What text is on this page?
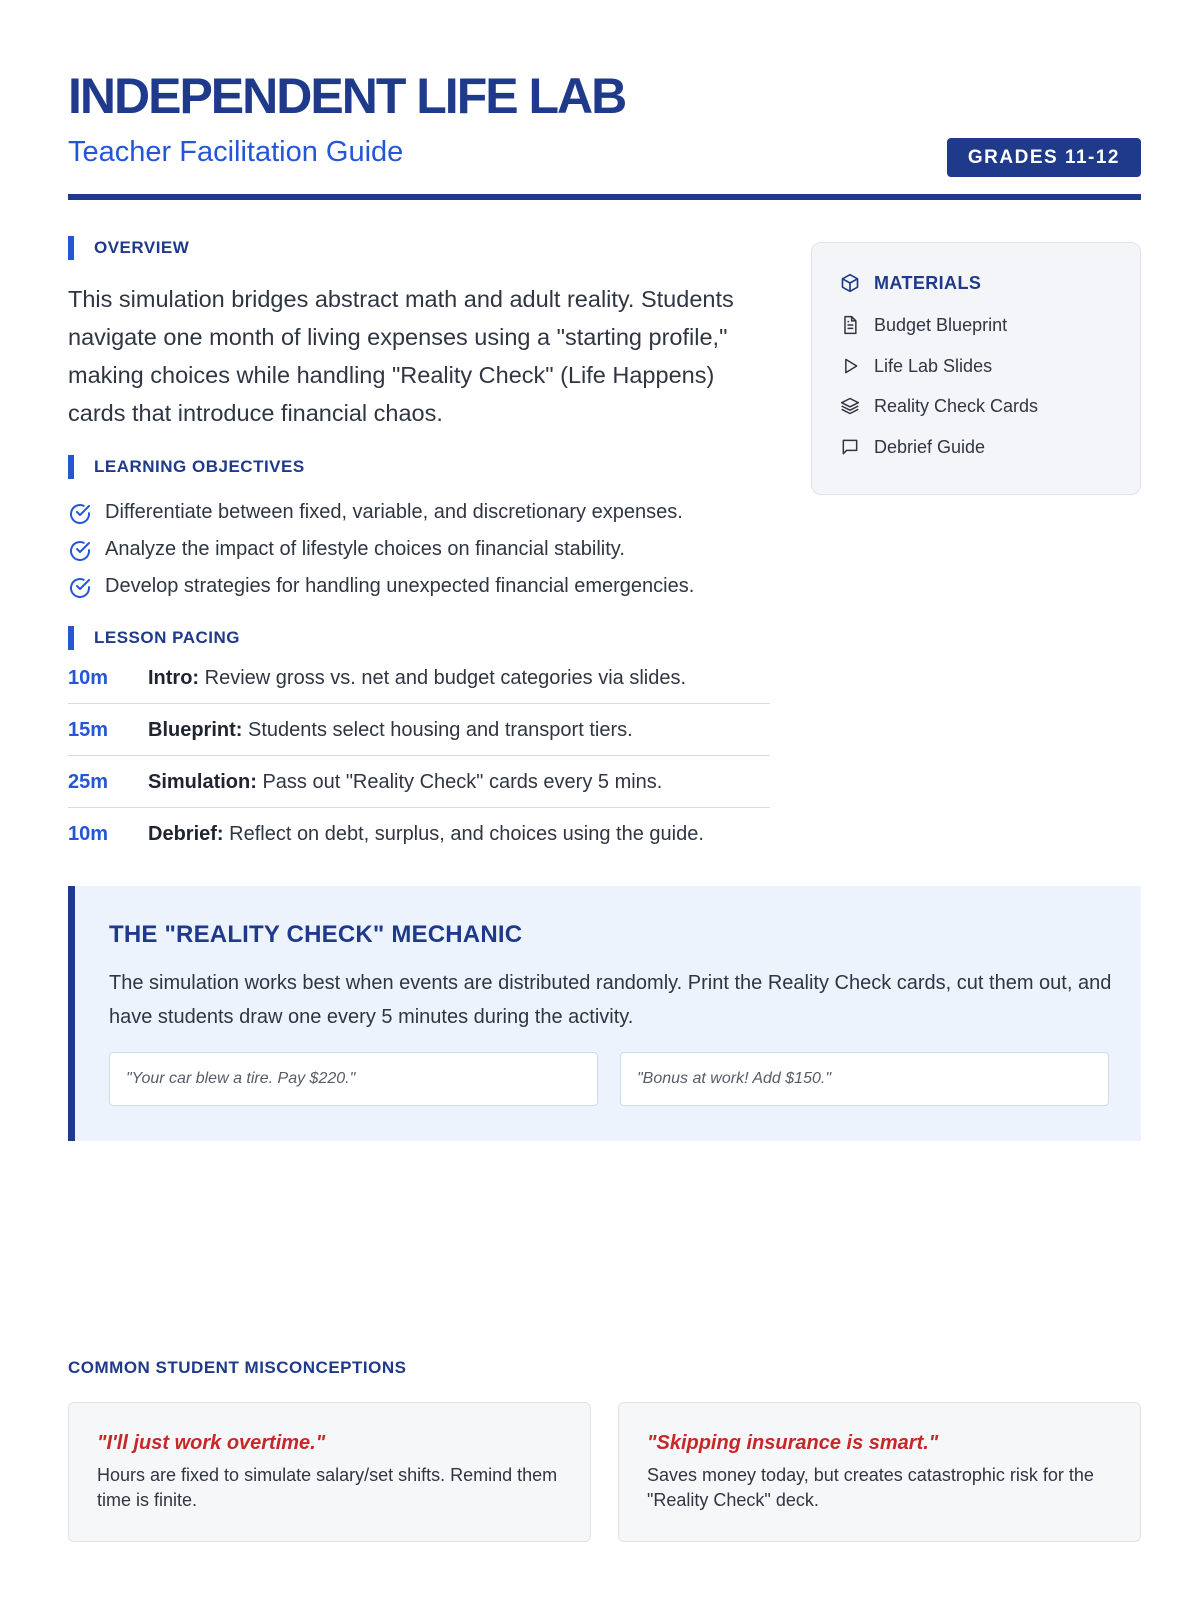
INDEPENDENT LIFE LAB
Teacher Facilitation Guide	GRADES 11-12
OVERVIEW

This simulation bridges abstract math and adult reality. Students navigate one month of living expenses using a "starting profile," making choices while handling "Reality Check" (Life Happens) cards that introduce financial chaos.

LEARNING OBJECTIVES
Differentiate between fixed, variable, and discretionary expenses.
Analyze the impact of lifestyle choices on financial stability.
Develop strategies for handling unexpected financial emergencies.
LESSON PACING
10m Intro: Review gross vs. net and budget categories via slides.
15m Blueprint: Students select housing and transport tiers.
25m Simulation: Pass out "Reality Check" cards every 5 mins.
10m Debrief: Reflect on debt, surplus, and choices using the guide.
MATERIALS
Budget Blueprint
Life Lab Slides
Reality Check Cards
Debrief Guide
THE "REALITY CHECK" MECHANIC

The simulation works best when events are distributed randomly. Print the Reality Check cards, cut them out, and have students draw one every 5 minutes during the activity.

"Your car blew a tire. Pay $220."	"Bonus at work! Add $150."
COMMON STUDENT MISCONCEPTIONS
"I'll just work overtime."

Hours are fixed to simulate salary/set shifts. Remind them time is finite.

"Skipping insurance is smart."

Saves money today, but creates catastrophic risk for the "Reality Check" deck.
